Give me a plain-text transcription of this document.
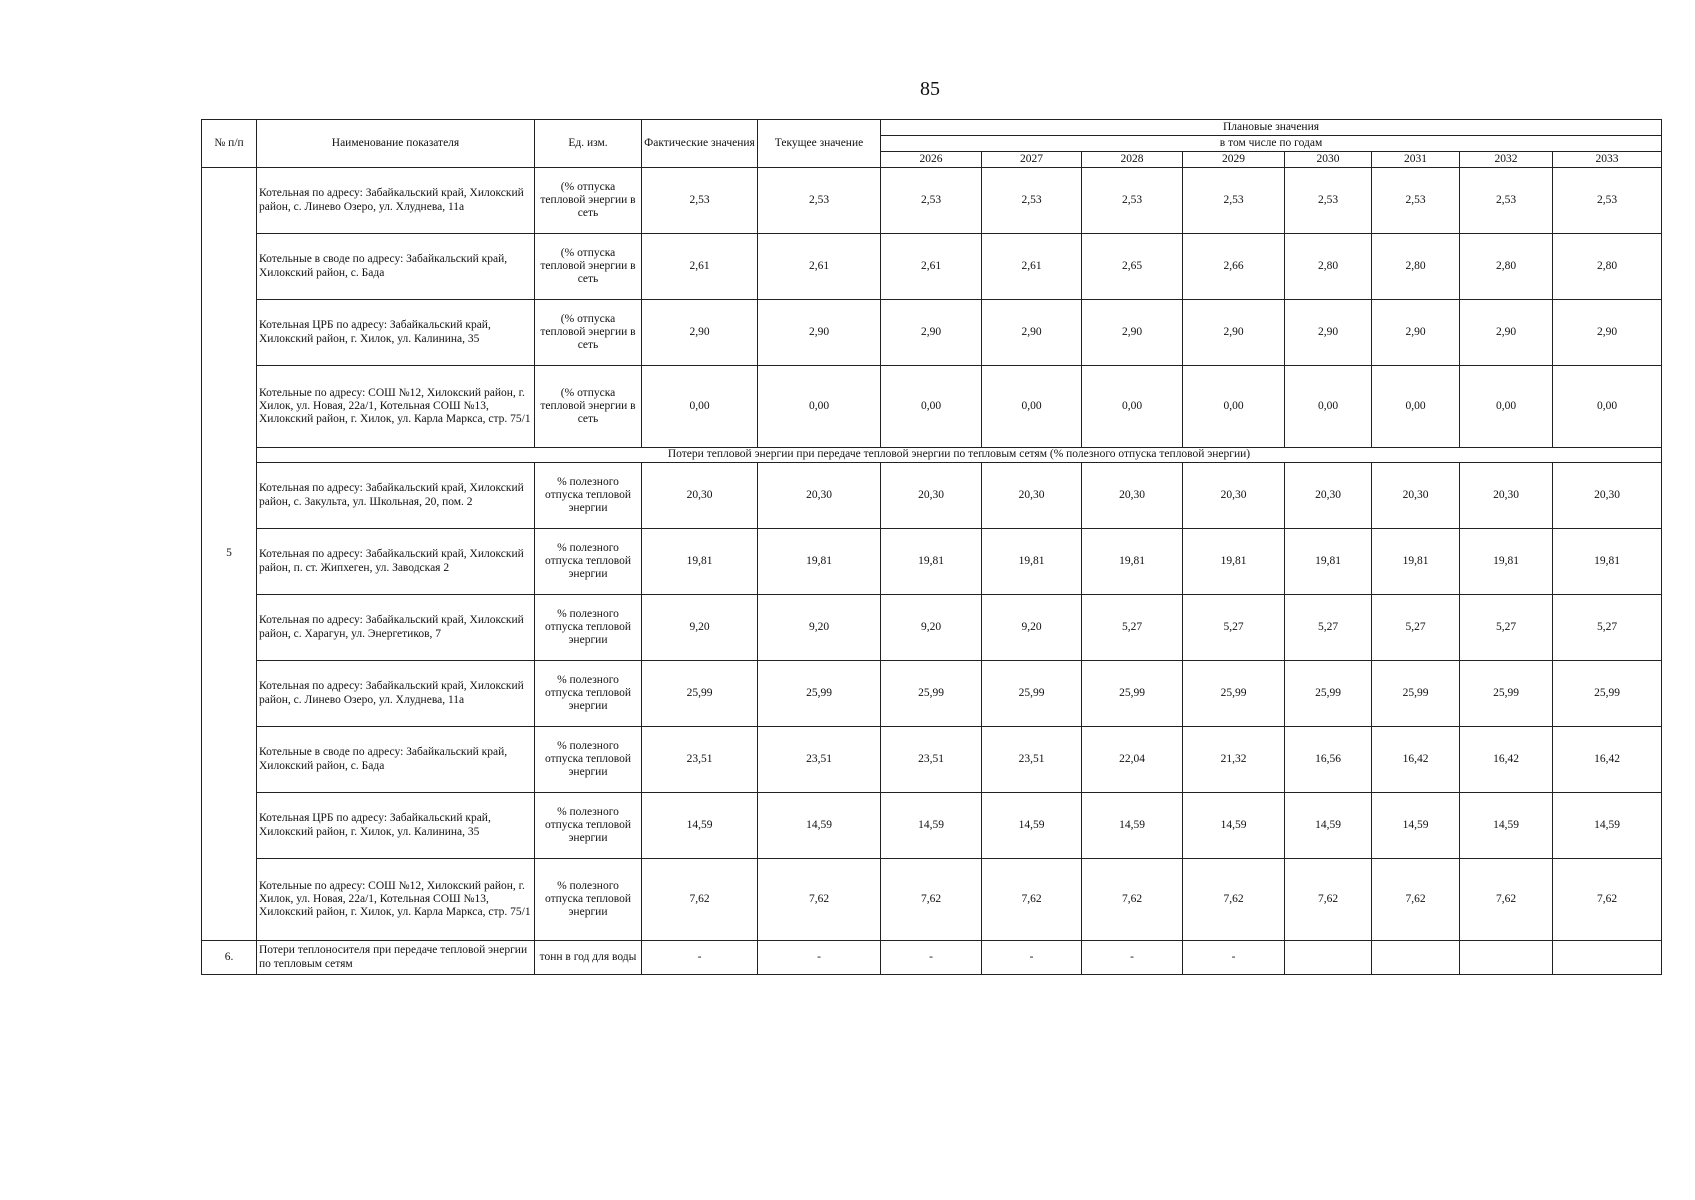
85
№ п/п	Наименование показателя	Ед. изм.	Фактические значения	Текущее значение	Плановые значения							
					в том числе по годам							
					2026	2027	2028	2029	2030	2031	2032	2033
5	Котельная по адресу: Забайкальский край, Хилокский район, с. Линево Озеро, ул. Хлуднева, 11а	(% отпуска тепловой энергии в сеть	2,53	2,53	2,53	2,53	2,53	2,53	2,53	2,53	2,53	2,53
	Котельные в своде по адресу: Забайкальский край, Хилокский район, с. Бада	(% отпуска тепловой энергии в сеть	2,61	2,61	2,61	2,61	2,65	2,66	2,80	2,80	2,80	2,80
	Котельная ЦРБ по адресу: Забайкальский край, Хилокский район, г. Хилок, ул. Калинина, 35	(% отпуска тепловой энергии в сеть	2,90	2,90	2,90	2,90	2,90	2,90	2,90	2,90	2,90	2,90
	Котельные по адресу: СОШ №12, Хилокский район, г. Хилок, ул. Новая, 22а/1, Котельная СОШ №13, Хилокский район, г. Хилок, ул. Карла Маркса, стр. 75/1	(% отпуска тепловой энергии в сеть	0,00	0,00	0,00	0,00	0,00	0,00	0,00	0,00	0,00	0,00
	Потери тепловой энергии при передаче тепловой энергии по тепловым сетям (% полезного отпуска тепловой энергии)											
	Котельная по адресу: Забайкальский край, Хилокский район, с. Закульта, ул. Школьная, 20, пом. 2	% полезного отпуска тепловой энергии	20,30	20,30	20,30	20,30	20,30	20,30	20,30	20,30	20,30	20,30
	Котельная по адресу: Забайкальский край, Хилокский район, п. ст. Жипхеген, ул. Заводская 2	% полезного отпуска тепловой энергии	19,81	19,81	19,81	19,81	19,81	19,81	19,81	19,81	19,81	19,81
	Котельная по адресу: Забайкальский край, Хилокский район, с. Харагун, ул. Энергетиков, 7	% полезного отпуска тепловой энергии	9,20	9,20	9,20	9,20	5,27	5,27	5,27	5,27	5,27	5,27
	Котельная по адресу: Забайкальский край, Хилокский район, с. Линево Озеро, ул. Хлуднева, 11а	% полезного отпуска тепловой энергии	25,99	25,99	25,99	25,99	25,99	25,99	25,99	25,99	25,99	25,99
	Котельные в своде по адресу: Забайкальский край, Хилокский район, с. Бада	% полезного отпуска тепловой энергии	23,51	23,51	23,51	23,51	22,04	21,32	16,56	16,42	16,42	16,42
	Котельная ЦРБ по адресу: Забайкальский край, Хилокский район, г. Хилок, ул. Калинина, 35	% полезного отпуска тепловой энергии	14,59	14,59	14,59	14,59	14,59	14,59	14,59	14,59	14,59	14,59
	Котельные по адресу: СОШ №12, Хилокский район, г. Хилок, ул. Новая, 22а/1, Котельная СОШ №13, Хилокский район, г. Хилок, ул. Карла Маркса, стр. 75/1	% полезного отпуска тепловой энергии	7,62	7,62	7,62	7,62	7,62	7,62	7,62	7,62	7,62	7,62
6.	Потери теплоносителя при передаче тепловой энергии по тепловым сетям	тонн в год для воды	-	-	-	-	-	-				
